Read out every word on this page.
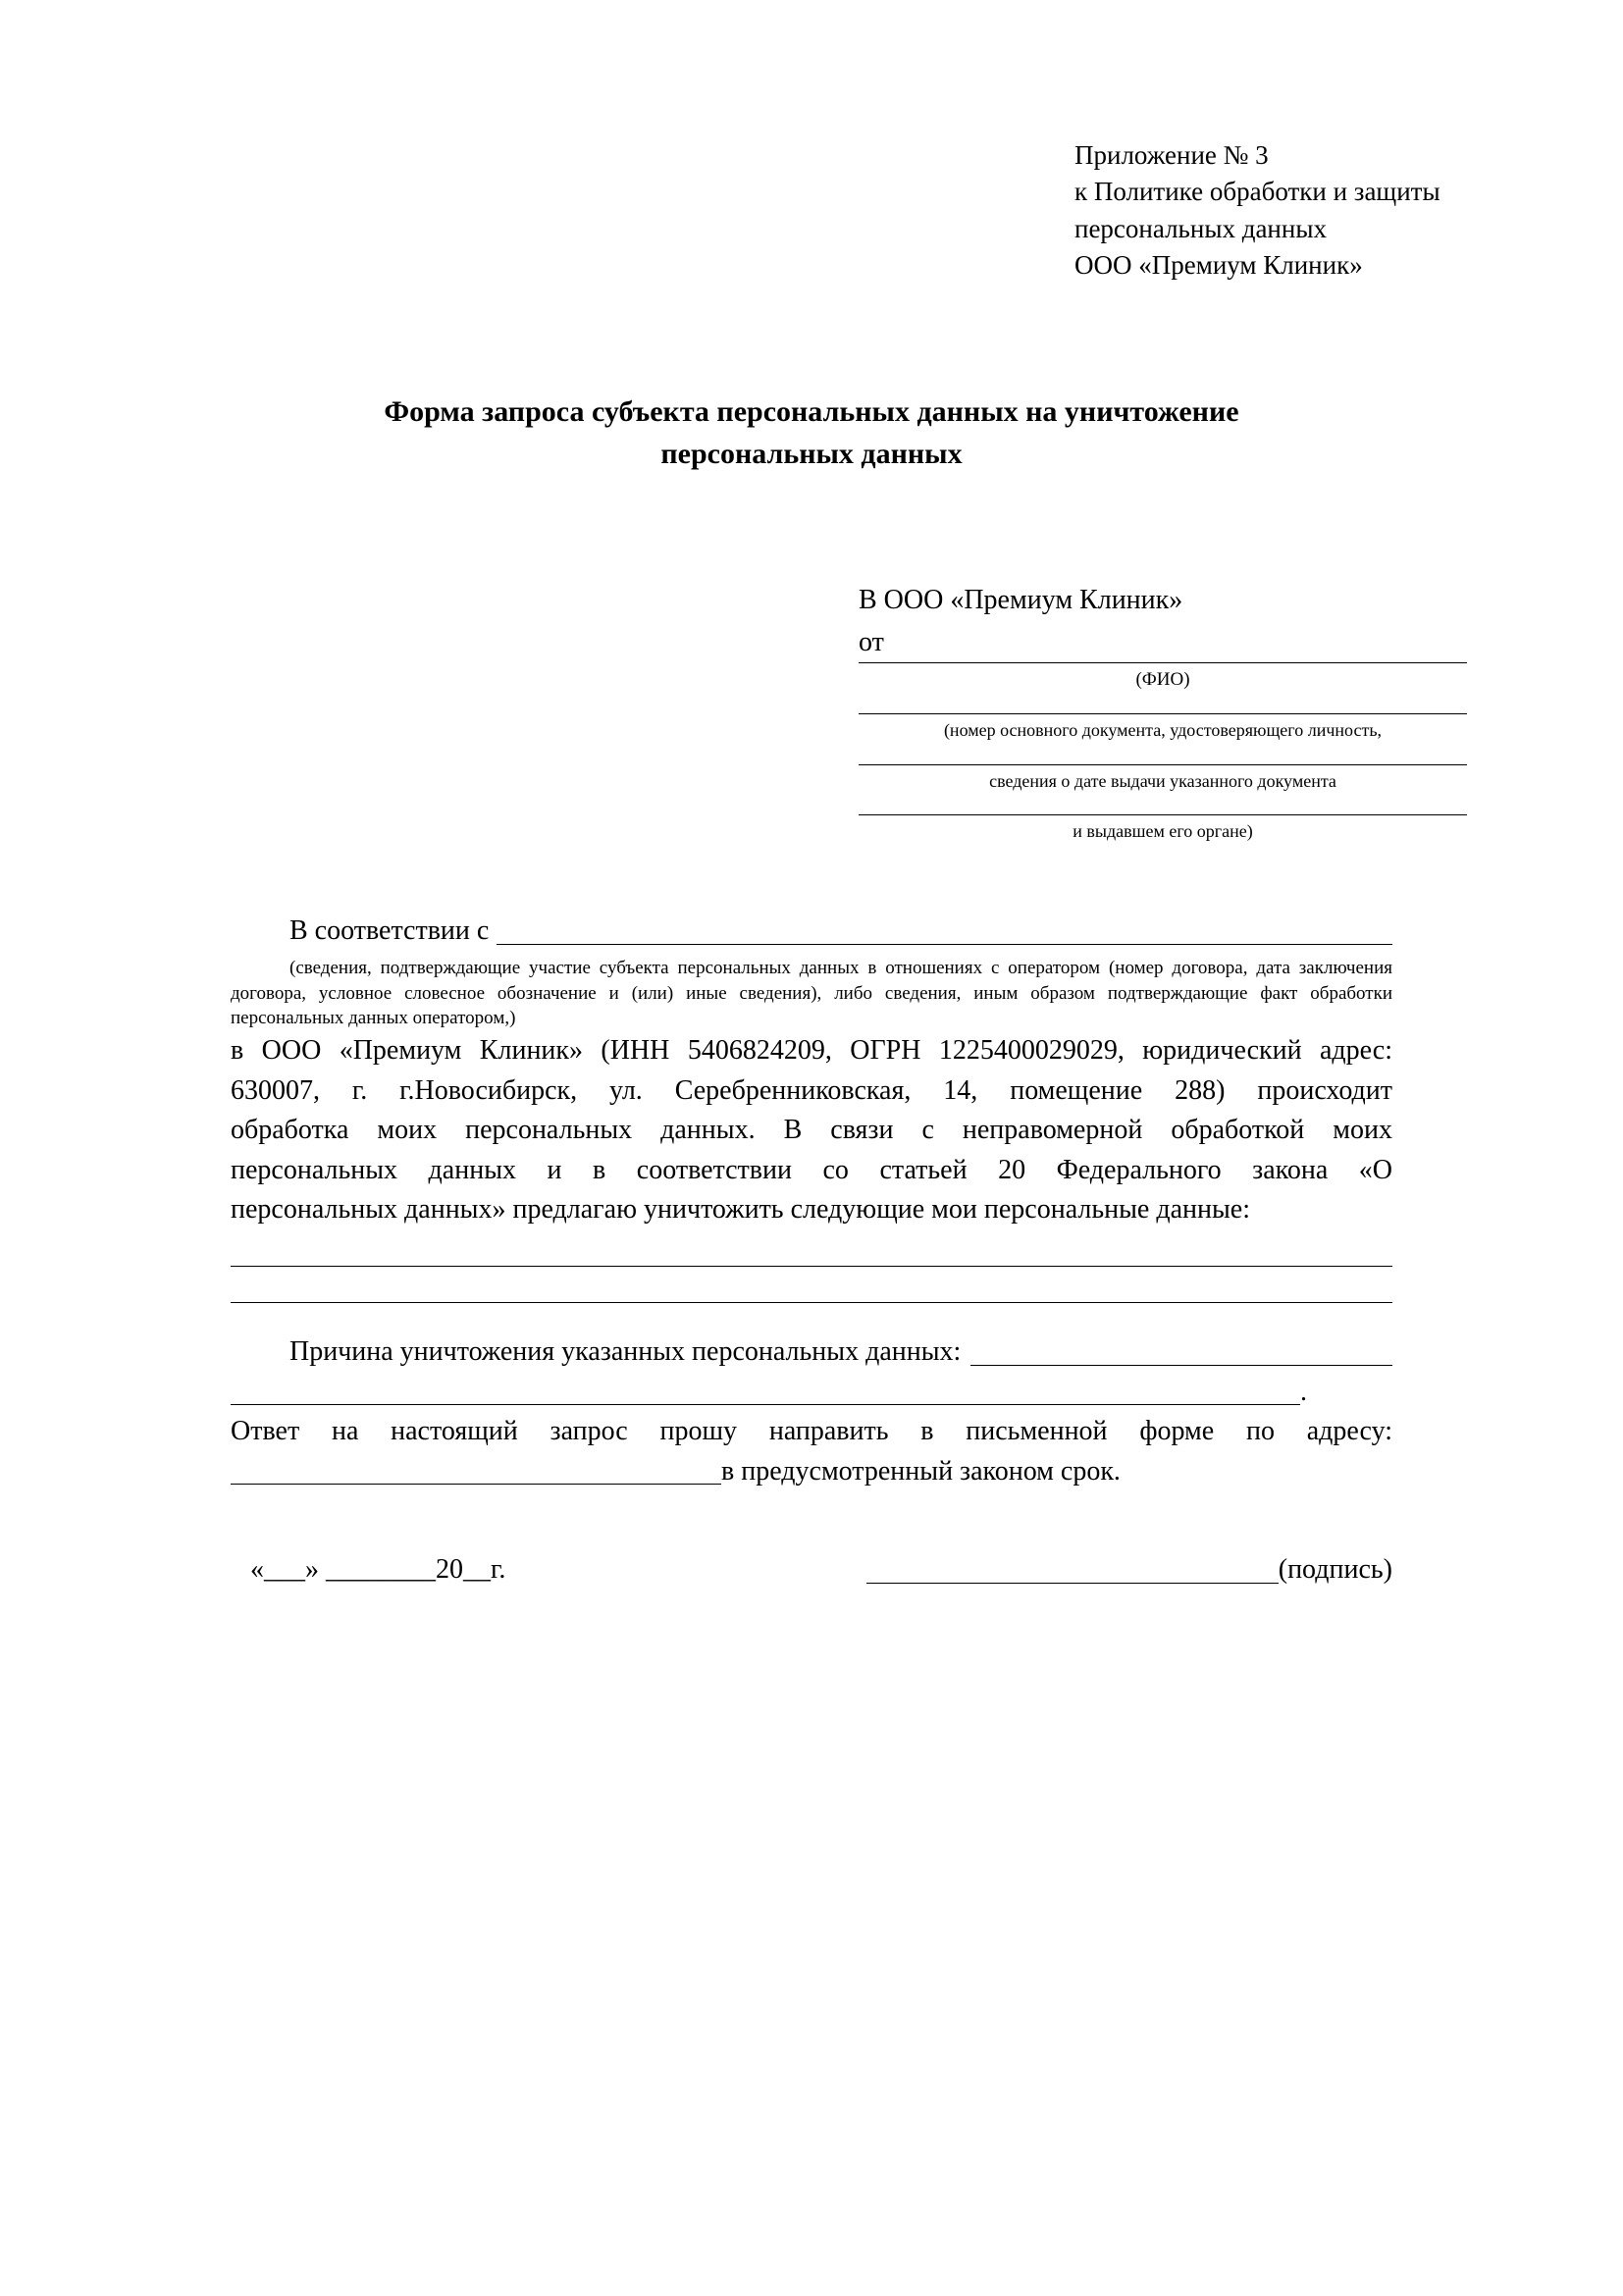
Приложение № 3
к Политике обработки и защиты
персональных данных
ООО «Премиум Клиник»
Форма запроса субъекта персональных данных на уничтожение
персональных данных
В ООО «Премиум Клиник»
от
(ФИО)
(номер основного документа, удостоверяющего личность,
сведения о дате выдачи указанного документа
и выдавшем его органе)
В соответствии с
(сведения, подтверждающие участие субъекта персональных данных в отношениях с оператором (номер договора, дата заключения договора, условное словесное обозначение и (или) иные сведения), либо сведения, иным образом подтверждающие факт обработки персональных данных оператором,)

в ООО «Премиум Клиник» (ИНН 5406824209, ОГРН 1225400029029, юридический адрес:

630007, г. г.Новосибирск, ул. Серебренниковская, 14, помещение 288) происходит

обработка моих персональных данных. В связи с неправомерной обработкой моих

персональных данных и в соответствии со статьей 20 Федерального закона «О

персональных данных» предлагаю уничтожить следующие мои персональные данные:

Причина уничтожения указанных персональных данных:
.

Ответ на настоящий запрос прошу направить в письменной форме по адресу:

в предусмотренный законом срок.
«___» ________20__г.	(подпись)
